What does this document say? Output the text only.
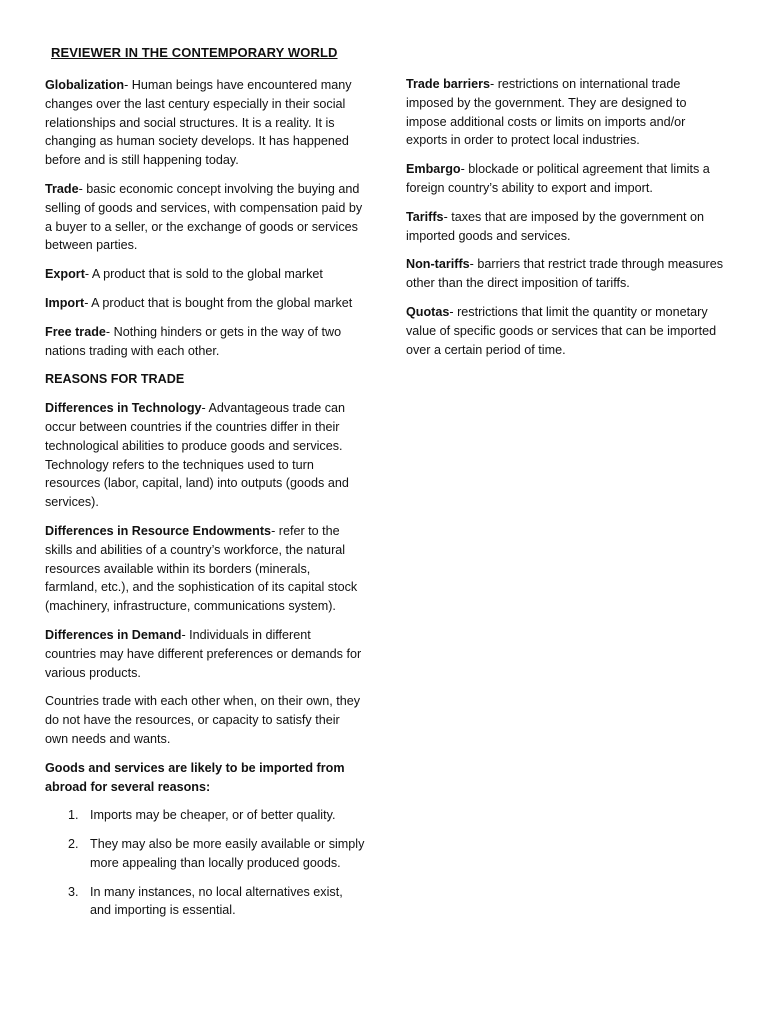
REVIEWER IN THE CONTEMPORARY WORLD

Globalization- Human beings have encountered many changes over the last century especially in their social relationships and social structures. It is a reality. It is changing as human society develops. It has happened before and is still happening today.

Trade- basic economic concept involving the buying and selling of goods and services, with compensation paid by a buyer to a seller, or the exchange of goods or services between parties.

Export- A product that is sold to the global market

Import- A product that is bought from the global market

Free trade- Nothing hinders or gets in the way of two nations trading with each other.

REASONS FOR TRADE

Differences in Technology- Advantageous trade can occur between countries if the countries differ in their technological abilities to produce goods and services. Technology refers to the techniques used to turn resources (labor, capital, land) into outputs (goods and services).

Differences in Resource Endowments- refer to the skills and abilities of a country’s workforce, the natural resources available within its borders (minerals, farmland, etc.), and the sophistication of its capital stock (machinery, infrastructure, communications system).

Differences in Demand- Individuals in different countries may have different preferences or demands for various products.

Countries trade with each other when, on their own, they do not have the resources, or capacity to satisfy their own needs and wants.

Goods and services are likely to be imported from abroad for several reasons:

1. Imports may be cheaper, or of better quality.
2. They may also be more easily available or simply more appealing than locally produced goods.
3. In many instances, no local alternatives exist, and importing is essential.

Trade barriers- restrictions on international trade imposed by the government. They are designed to impose additional costs or limits on imports and/or exports in order to protect local industries.

Embargo- blockade or political agreement that limits a foreign country’s ability to export and import.

Tariffs- taxes that are imposed by the government on imported goods and services.

Non-tariffs- barriers that restrict trade through measures other than the direct imposition of tariffs.

Quotas- restrictions that limit the quantity or monetary value of specific goods or services that can be imported over a certain period of time.
